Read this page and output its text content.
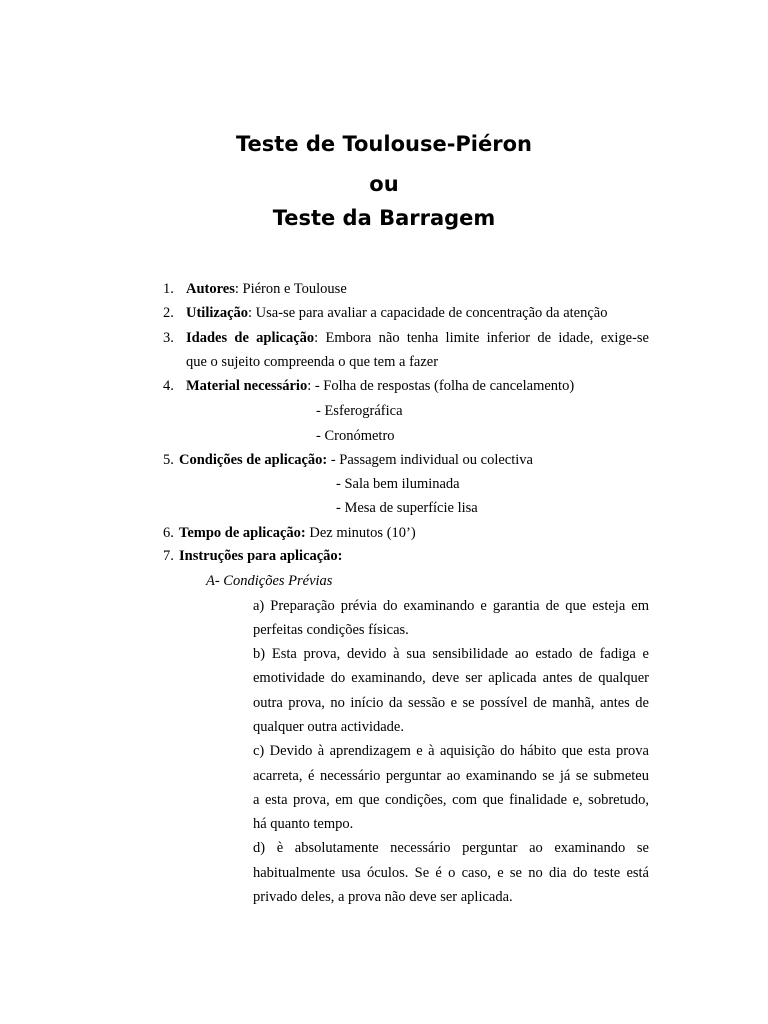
Teste de Toulouse-Piéron
ou
Teste da Barragem
1. Autores: Piéron e Toulouse

2. Utilização: Usa-se para avaliar a capacidade de concentração da atenção

3. Idades de aplicação: Embora não tenha limite inferior de idade, exige-se

que o sujeito compreenda o que tem a fazer

4. Material necessário: - Folha de respostas (folha de cancelamento)

- Esferográfica

- Cronómetro

5. Condições de aplicação: - Passagem individual ou colectiva

- Sala bem iluminada

- Mesa de superfície lisa

6. Tempo de aplicação: Dez minutos (10’)

7. Instruções para aplicação:

A- Condições Prévias

a) Preparação prévia do examinando e garantia de que esteja em

perfeitas condições físicas.

b) Esta prova, devido à sua sensibilidade ao estado de fadiga e

emotividade do examinando, deve ser aplicada antes de qualquer

outra prova, no início da sessão e se possível de manhã, antes de

qualquer outra actividade.

c) Devido à aprendizagem e à aquisição do hábito que esta prova

acarreta, é necessário perguntar ao examinando se já se submeteu

a esta prova, em que condições, com que finalidade e, sobretudo,

há quanto tempo.

d) è absolutamente necessário perguntar ao examinando se

habitualmente usa óculos. Se é o caso, e se no dia do teste está

privado deles, a prova não deve ser aplicada.
